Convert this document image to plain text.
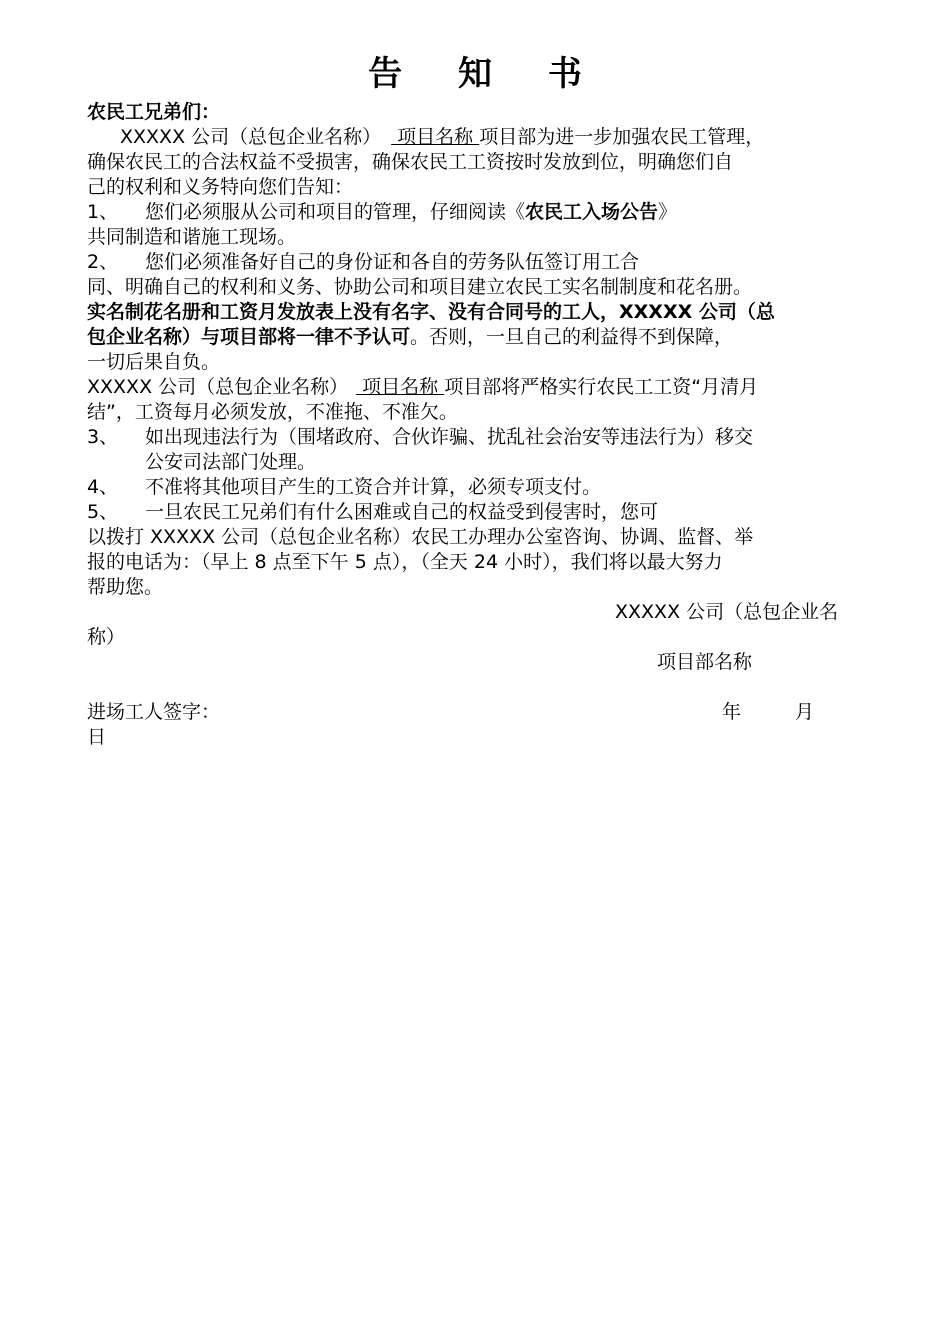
告 知 书
农民工兄弟们：
XXXXX 公司（总包企业名称） 项目名称 项目部为进一步加强农民工管理，
确保农民工的合法权益不受损害，确保农民工工资按时发放到位，明确您们自
己的权利和义务特向您们告知：
1、 您们必须服从公司和项目的管理，仔细阅读《农民工入场公告》
共同制造和谐施工现场。
2、 您们必须准备好自己的身份证和各自的劳务队伍签订用工合
同、明确自己的权利和义务、协助公司和项目建立农民工实名制制度和花名册。
实名制花名册和工资月发放表上没有名字、没有合同号的工人，XXXXX 公司（总
包企业名称）与项目部将一律不予认可。否则，一旦自己的利益得不到保障，
一切后果自负。
XXXXX 公司（总包企业名称） 项目名称 项目部将严格实行农民工工资“月清月
结”，工资每月必须发放，不准拖、不准欠。
3、 如出现违法行为（围堵政府、合伙诈骗、扰乱社会治安等违法行为）移交
公安司法部门处理。
4、 不准将其他项目产生的工资合并计算，必须专项支付。
5、 一旦农民工兄弟们有什么困难或自己的权益受到侵害时，您可
以拨打 XXXXX 公司（总包企业名称）农民工办理办公室咨询、协调、监督、举
报的电话为：（早上 8 点至下午 5 点），（全天 24 小时），我们将以最大努力
帮助您。
XXXXX 公司（总包企业名
称）
项目部名称
进场工人签字：	年	月
日
